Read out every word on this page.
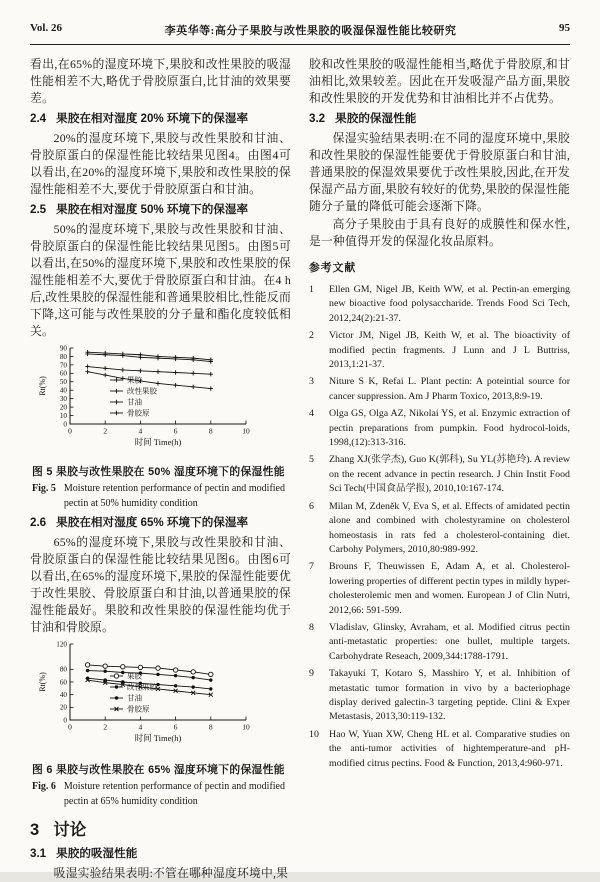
Vol. 26	李英华等:高分子果胶与改性果胶的吸湿保湿性能比较研究	95

看出,在65%的湿度环境下,果胶和改性果胶的吸湿性能相差不大,略优于骨胶原蛋白,比甘油的效果要差。

2.4 果胶在相对湿度 20% 环境下的保湿率

20%的湿度环境下,果胶与改性果胶和甘油、骨胶原蛋白的保湿性能比较结果见图4。由图4可以看出,在20%的湿度环境下,果胶和改性果胶的保湿性能相差不大,要优于骨胶原蛋白和甘油。

2.5 果胶在相对湿度 50% 环境下的保湿率

50%的湿度环境下,果胶与改性果胶和甘油、骨胶原蛋白的保湿性能比较结果见图5。由图5可以看出,在50%的湿度环境下,果胶和改性果胶的保湿性能相差不大,要优于骨胶原蛋白和甘油。在4 h后,改性果胶的保湿性能和普通果胶相比,性能反而下降,这可能与改性果胶的分子量和酯化度较低相关。

0
10
20
30
40
50
60
70
80
90
0	2	4	6	8	10
Rt(%)
时间 Time(h)
果胶
改性果胶
甘油
骨胶原
图 5 果胶与改性果胶在 50% 湿度环境下的保湿性能
Fig. 5 Moisture retention performance of pectin and modified pectin at 50% humidity condition
2.6 果胶在相对湿度 65% 环境下的保湿率

65%的湿度环境下,果胶与改性果胶和甘油、骨胶原蛋白的保湿性能比较结果见图6。由图6可以看出,在65%的湿度环境下,果胶的保湿性能要优于改性果胶、骨胶原蛋白和甘油,以普通果胶的保湿性能最好。果胶和改性果胶的保湿性能均优于甘油和骨胶原。

0
20
40
60
80
120
0	2	4	6	8	10
Rt(%)
时间 Time(h)
果胶
改性果胶
甘油
骨胶原
图 6 果胶与改性果胶在 65% 湿度环境下的保湿性能
Fig. 6 Moisture retention performance of pectin and modified pectin at 65% humidity condition
3 讨论
3.1 果胶的吸湿性能

吸湿实验结果表明:不管在哪种湿度环境中,果

胶和改性果胶的吸湿性能相当,略优于骨胶原,和甘油相比,效果较差。因此在开发吸湿产品方面,果胶和改性果胶的开发优势和甘油相比并不占优势。

3.2 果胶的保湿性能

保湿实验结果表明:在不同的湿度环境中,果胶和改性果胶的保湿性能要优于骨胶原蛋白和甘油,普通果胶的保湿效果要优于改性果胶,因此,在开发保湿产品方面,果胶有较好的优势,果胶的保湿性能随分子量的降低可能会逐渐下降。

高分子果胶由于具有良好的成膜性和保水性,是一种值得开发的保湿化妆品原料。

参考文献
1	Ellen GM, Nigel JB, Keith WW, et al. Pectin-an emerging new bioactive food polysaccharide. Trends Food Sci Tech, 2012,24(2):21-37.
2	Victor JM, Nigel JB, Keith W, et al. The bioactivity of modified pectin fragments. J Lunn and J L Buttriss, 2013,1:21-37.
3	Niture S K, Refai L. Plant pectin: A poteintial source for cancer suppression. Am J Pharm Toxico, 2013,8:9-19.
4	Olga GS, Olga AZ, Nikolai YS, et al. Enzymic extraction of pectin preparations from pumpkin. Food hydrocol-loids, 1998,(12):313-316.
5	Zhang XJ(张学杰), Guo K(郭科), Su YL(苏艳玲). A review on the recent advance in pectin research. J Chin Instit Food Sci Tech(中国食品学报), 2010,10:167-174.
6	Milan M, Zdeněk V, Eva S, et al. Effects of amidated pectin alone and combined with cholestyramine on cholesterol homeostasis in rats fed a cholesterol-containing diet. Carbohy Polymers, 2010,80:989-992.
7	Brouns F, Theuwissen E, Adam A, et al. Cholesterol-lowering properties of different pectin types in mildly hyper-cholesterolemic men and women. European J of Clin Nutri, 2012,66: 591-599.
8	Vladislav, Glinsky, Avraham, et al. Modified citrus pectin anti-metastatic properties: one bullet, multiple targets. Carbohydrate Reseach, 2009,344:1788-1791.
9	Takayuki T, Kotaro S, Masshiro Y, et al. Inhibition of metastatic tumor formation in vivo by a bacteriophage display derived galectin-3 targeting peptide. Clini & Exper Metastasis, 2013,30:119-132.
10	Hao W, Yuan XW, Cheng HL et al. Comparative studies on the anti-tumor activities of hightemperature-and pH-modified citrus pectins. Food & Function, 2013,4:960-971.
